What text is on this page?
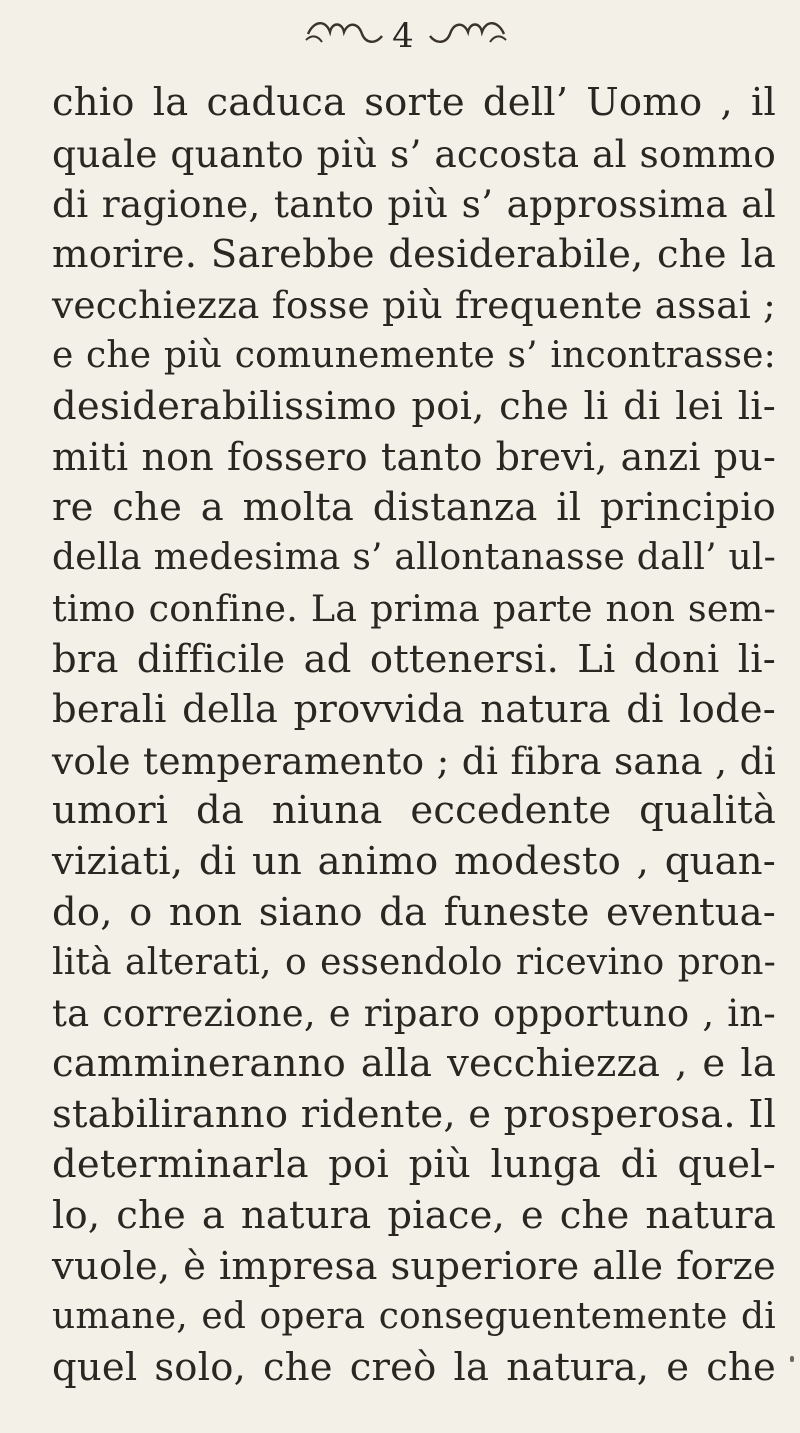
4
chio la caduca sorte dell’ Uomo , il
quale quanto più s’ accosta al sommo
di ragione, tanto più s’ approssima al
morire. Sarebbe desiderabile, che la
vecchiezza fosse più frequente assai ;
e che più comunemente s’ incontrasse:
desiderabilissimo poi, che li di lei li-
miti non fossero tanto brevi, anzi pu-
re che a molta distanza il principio
della medesima s’ allontanasse dall’ ul-
timo confine. La prima parte non sem-
bra difficile ad ottenersi. Li doni li-
berali della provvida natura di lode-
vole temperamento ; di fibra sana , di
umori da niuna eccedente qualità
viziati, di un animo modesto , quan-
do, o non siano da funeste eventua-
lità alterati, o essendolo ricevino pron-
ta correzione, e riparo opportuno , in-
cammineranno alla vecchiezza , e la
stabiliranno ridente, e prosperosa. Il
determinarla poi più lunga di quel-
lo, che a natura piace, e che natura
vuole, è impresa superiore alle forze
umane, ed opera conseguentemente di
quel solo, che creò la natura, e che
